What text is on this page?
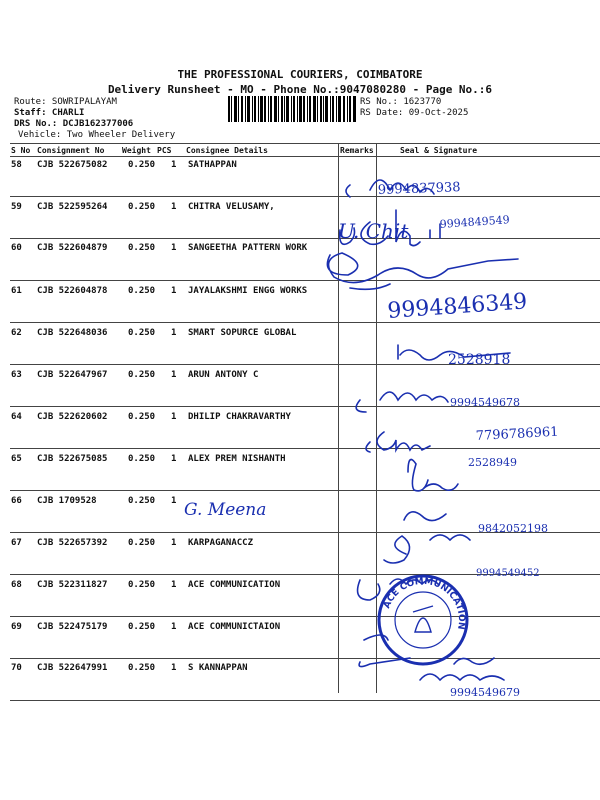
THE PROFESSIONAL COURIERS, COIMBATORE
Delivery Runsheet - MO - Phone No.:9047080280 - Page No.:6
Route: SOWRIPALAYAM
Staff: CHARLI
DRS No.: DCJB162377006
Vehicle: Two Wheeler Delivery
RS No.: 1623770
RS Date: 09-Oct-2025
S No Consignment No Weight PCS Consignee Details	Remarks	Seal & Signature
58 CJB 522675082 0.250 1 SATHAPPAN
59 CJB 522595264 0.250 1 CHITRA VELUSAMY,
60 CJB 522604879 0.250 1 SANGEETHA PATTERN WORK
61 CJB 522604878 0.250 1 JAYALAKSHMI ENGG WORKS
62 CJB 522648036 0.250 1 SMART SOPURCE GLOBAL
63 CJB 522647967 0.250 1 ARUN ANTONY C
64 CJB 522620602 0.250 1 DHILIP CHAKRAVARTHY
65 CJB 522675085 0.250 1 ALEX PREM NISHANTH
66 CJB 1709528	0.250 1
67 CJB 522657392 0.250 1 KARPAGANACCZ
68 CJB 522311827 0.250 1 ACE COMMUNICATION
69 CJB 522475179 0.250 1 ACE COMMUNICTAION
70 CJB 522647991 0.250 1 S KANNAPPAN
9994837938
U. Chit	9994849549
9994846349
2528918
9994549678
7796786961
2528949
9842052198
9994549452
9994549679
G. Meena
ACE COMMUNICATION
